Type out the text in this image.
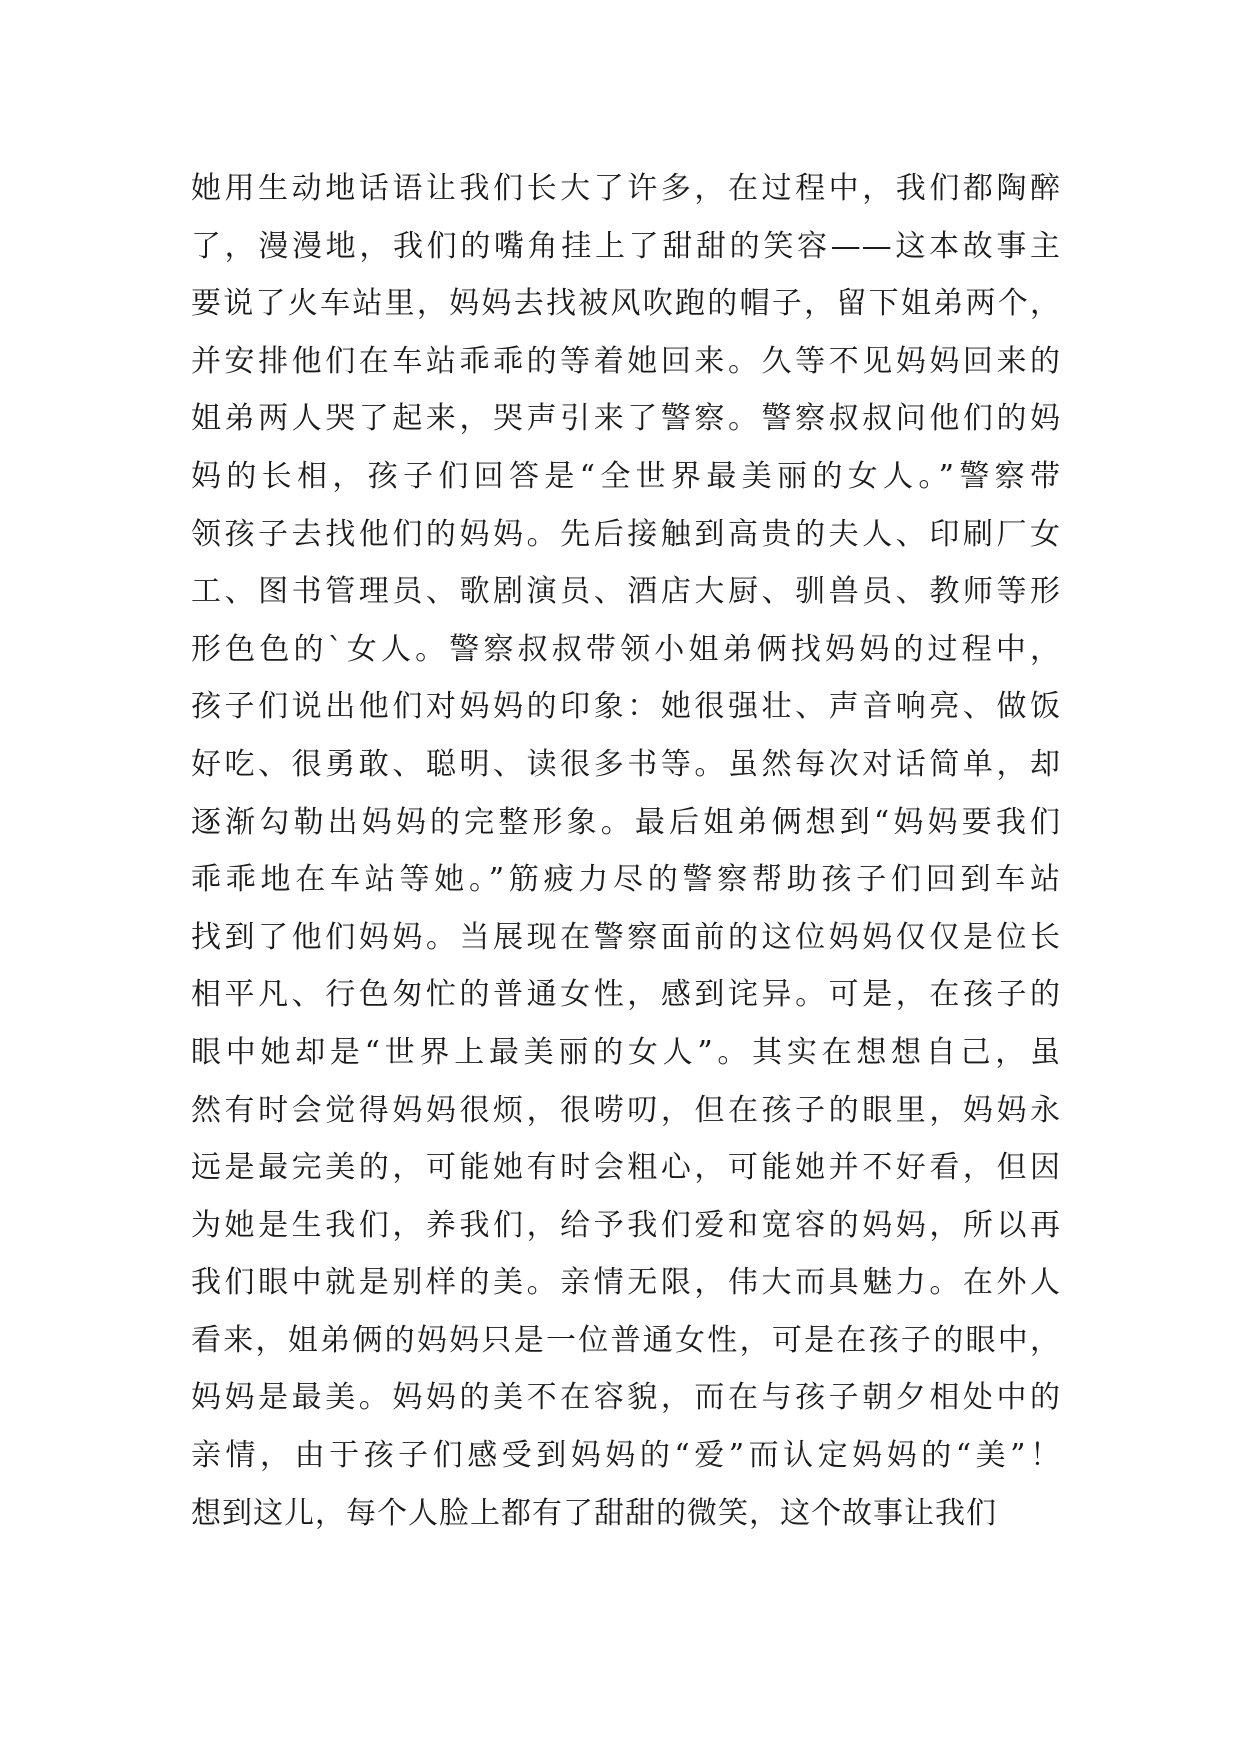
她用生动地话语让我们长大了许多，在过程中，我们都陶醉
了，漫漫地，我们的嘴角挂上了甜甜的笑容——这本故事主
要说了火车站里，妈妈去找被风吹跑的帽子，留下姐弟两个，
并安排他们在车站乖乖的等着她回来。久等不见妈妈回来的
姐弟两人哭了起来，哭声引来了警察。警察叔叔问他们的妈
妈的长相，孩子们回答是“全世界最美丽的女人。”警察带
领孩子去找他们的妈妈。先后接触到高贵的夫人、印刷厂女
工、图书管理员、歌剧演员、酒店大厨、驯兽员、教师等形
形色色的`女人。警察叔叔带领小姐弟俩找妈妈的过程中，
孩子们说出他们对妈妈的印象：她很强壮、声音响亮、做饭
好吃、很勇敢、聪明、读很多书等。虽然每次对话简单，却
逐渐勾勒出妈妈的完整形象。最后姐弟俩想到“妈妈要我们
乖乖地在车站等她。”筋疲力尽的警察帮助孩子们回到车站
找到了他们妈妈。当展现在警察面前的这位妈妈仅仅是位长
相平凡、行色匆忙的普通女性，感到诧异。可是，在孩子的
眼中她却是“世界上最美丽的女人”。其实在想想自己，虽
然有时会觉得妈妈很烦，很唠叨，但在孩子的眼里，妈妈永
远是最完美的，可能她有时会粗心，可能她并不好看，但因
为她是生我们，养我们，给予我们爱和宽容的妈妈，所以再
我们眼中就是别样的美。亲情无限，伟大而具魅力。在外人
看来，姐弟俩的妈妈只是一位普通女性，可是在孩子的眼中，
妈妈是最美。妈妈的美不在容貌，而在与孩子朝夕相处中的
亲情，由于孩子们感受到妈妈的“爱”而认定妈妈的“美”！
想到这儿，每个人脸上都有了甜甜的微笑，这个故事让我们
